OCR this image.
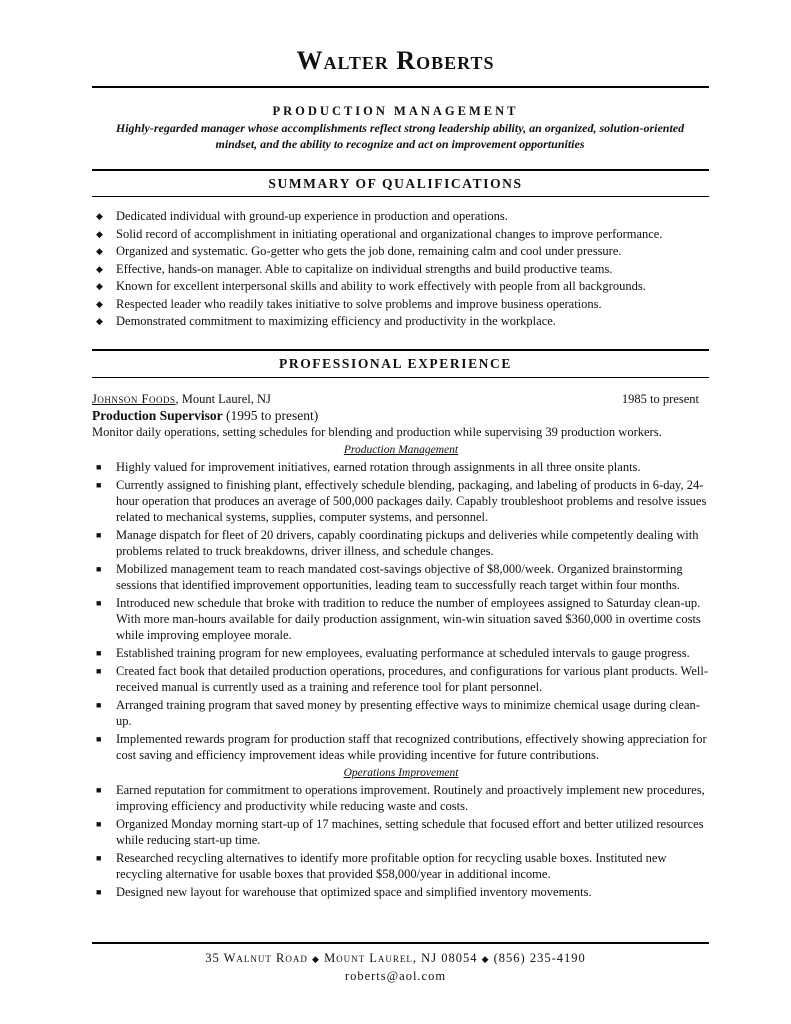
Walter Roberts
PRODUCTION MANAGEMENT
Highly-regarded manager whose accomplishments reflect strong leadership ability, an organized, solution-oriented mindset, and the ability to recognize and act on improvement opportunities
SUMMARY OF QUALIFICATIONS
◆ Dedicated individual with ground-up experience in production and operations.
◆ Solid record of accomplishment in initiating operational and organizational changes to improve performance.
◆ Organized and systematic. Go-getter who gets the job done, remaining calm and cool under pressure.
◆ Effective, hands-on manager. Able to capitalize on individual strengths and build productive teams.
◆ Known for excellent interpersonal skills and ability to work effectively with people from all backgrounds.
◆ Respected leader who readily takes initiative to solve problems and improve business operations.
◆ Demonstrated commitment to maximizing efficiency and productivity in the workplace.
PROFESSIONAL EXPERIENCE
Johnson Foods, Mount Laurel, NJ	1985 to present
Production Supervisor (1995 to present)
Monitor daily operations, setting schedules for blending and production while supervising 39 production workers.
Production Management
■ Highly valued for improvement initiatives, earned rotation through assignments in all three onsite plants.
■ Currently assigned to finishing plant, effectively schedule blending, packaging, and labeling of products in 6-day, 24-hour operation that produces an average of 500,000 packages daily. Capably troubleshoot problems and resolve issues related to mechanical systems, supplies, computer systems, and personnel.
■ Manage dispatch for fleet of 20 drivers, capably coordinating pickups and deliveries while competently dealing with problems related to truck breakdowns, driver illness, and schedule changes.
■ Mobilized management team to reach mandated cost-savings objective of $8,000/week. Organized brainstorming sessions that identified improvement opportunities, leading team to successfully reach target within four months.
■ Introduced new schedule that broke with tradition to reduce the number of employees assigned to Saturday clean-up. With more man-hours available for daily production assignment, win-win situation saved $360,000 in overtime costs while improving employee morale.
■ Established training program for new employees, evaluating performance at scheduled intervals to gauge progress.
■ Created fact book that detailed production operations, procedures, and configurations for various plant products. Well-received manual is currently used as a training and reference tool for plant personnel.
■ Arranged training program that saved money by presenting effective ways to minimize chemical usage during clean-up.
■ Implemented rewards program for production staff that recognized contributions, effectively showing appreciation for cost saving and efficiency improvement ideas while providing incentive for future contributions.
Operations Improvement
■ Earned reputation for commitment to operations improvement. Routinely and proactively implement new procedures, improving efficiency and productivity while reducing waste and costs.
■ Organized Monday morning start-up of 17 machines, setting schedule that focused effort and better utilized resources while reducing start-up time.
■ Researched recycling alternatives to identify more profitable option for recycling usable boxes. Instituted new recycling alternative for usable boxes that provided $58,000/year in additional income.
■ Designed new layout for warehouse that optimized space and simplified inventory movements.
35 Walnut Road ◆ Mount Laurel, NJ 08054 ◆ (856) 235-4190
roberts@aol.com
